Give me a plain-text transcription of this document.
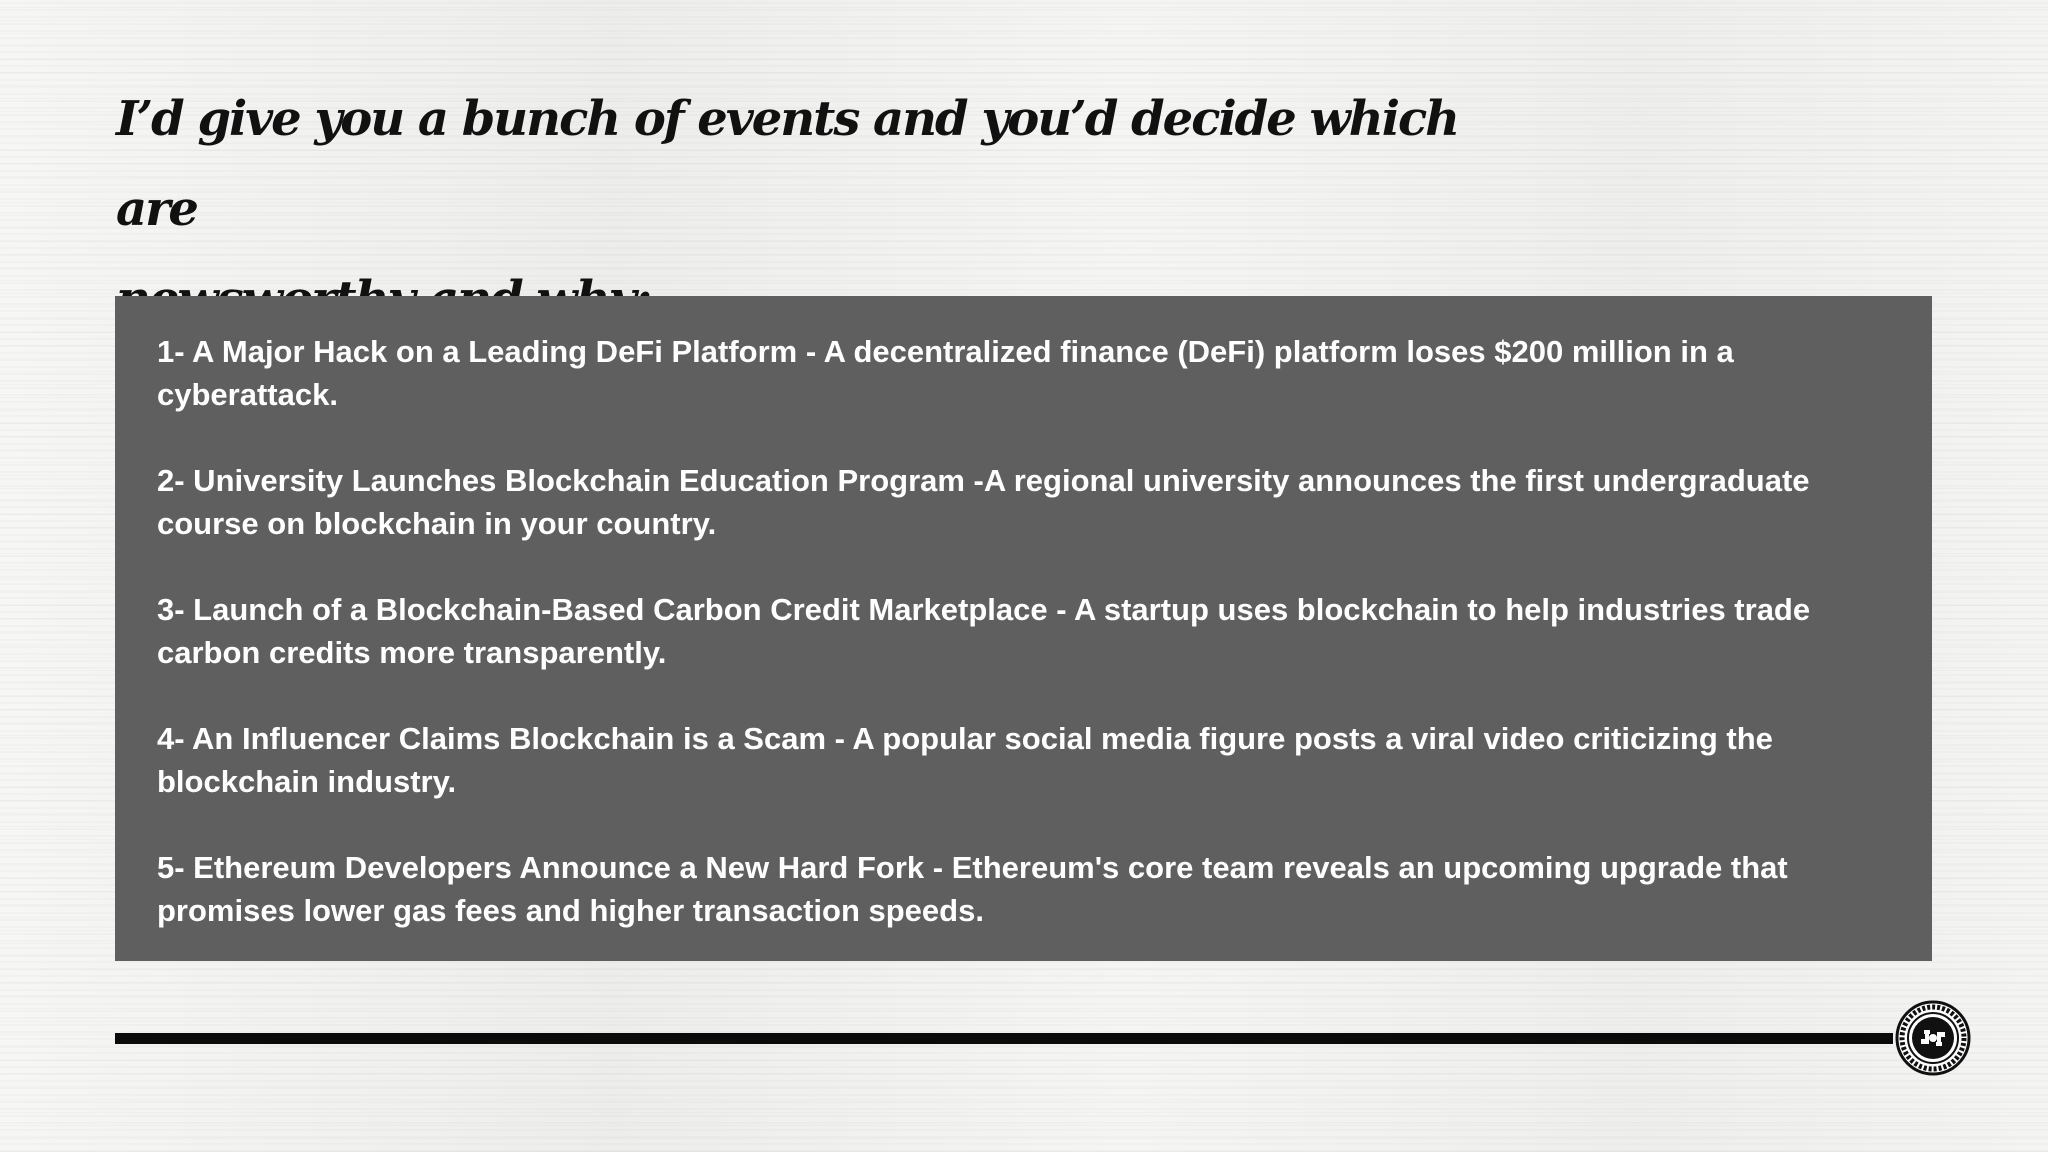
I’d give you a bunch of events and you’d decide which are
1- A Major Hack on a Leading DeFi Platform - A decentralized finance (DeFi) platform loses $200 million in a cyberattack.
2- University Launches Blockchain Education Program -A regional university announces the first undergraduate course on blockchain in your country.
3- Launch of a Blockchain-Based Carbon Credit Marketplace - A startup uses blockchain to help industries trade carbon credits more transparently.
4- An Influencer Claims Blockchain is a Scam - A popular social media figure posts a viral video criticizing the blockchain industry.
5- Ethereum Developers Announce a New Hard Fork - Ethereum's core team reveals an upcoming upgrade that promises lower gas fees and higher transaction speeds.
